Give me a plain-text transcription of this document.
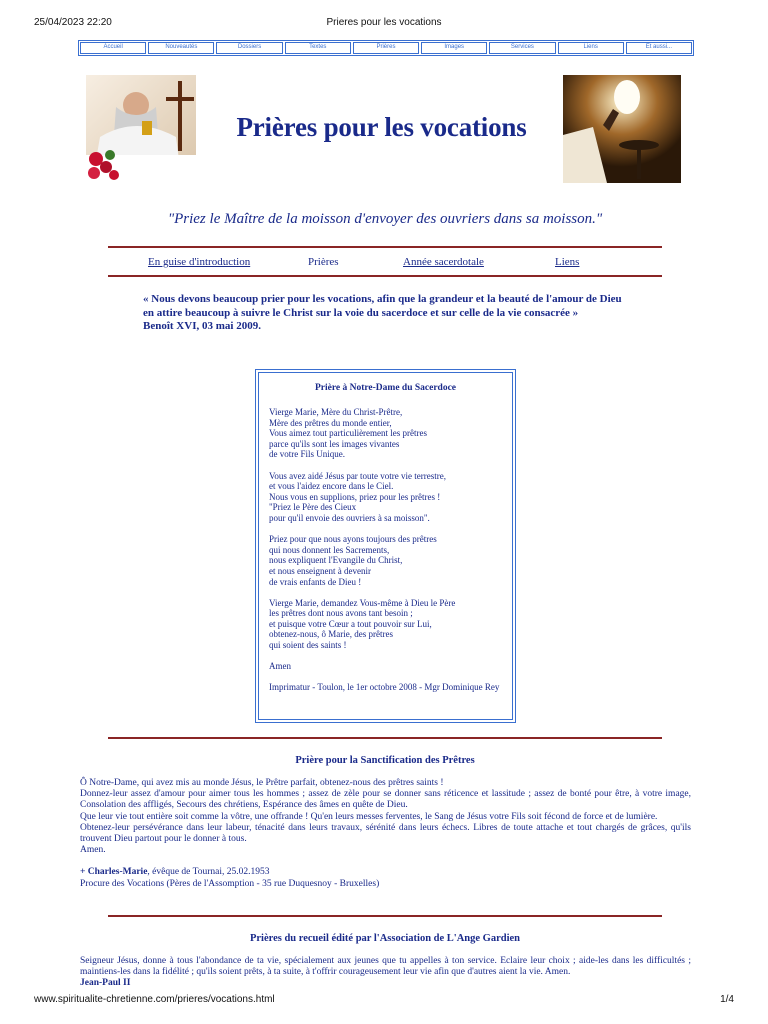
25/04/2023 22:20	Prieres pour les vocations
Accueil	Nouveautés	Dossiers	Textes	Prières	Images	Services	Liens	Et aussi...
Prières pour les vocations
"Priez le Maître de la moisson d'envoyer des ouvriers dans sa moisson."
En guise d'introduction	Prières	Année sacerdotale	Liens

« Nous devons beaucoup prier pour les vocations, afin que la grandeur et la beauté de l'amour de Dieu en attire beaucoup à suivre le Christ sur la voie du sacerdoce et sur celle de la vie consacrée »

Benoît XVI, 03 mai 2009.

Prière à Notre-Dame du Sacerdoce

Vierge Marie, Mère du Christ-Prêtre,
Mère des prêtres du monde entier,
Vous aimez tout particulièrement les prêtres
parce qu'ils sont les images vivantes
de votre Fils Unique.

Vous avez aidé Jésus par toute votre vie terrestre,
et vous l'aidez encore dans le Ciel.
Nous vous en supplions, priez pour les prêtres !
"Priez le Père des Cieux
pour qu'il envoie des ouvriers à sa moisson".

Priez pour que nous ayons toujours des prêtres
qui nous donnent les Sacrements,
nous expliquent l'Evangile du Christ,
et nous enseignent à devenir
de vrais enfants de Dieu !

Vierge Marie, demandez Vous-même à Dieu le Père
les prêtres dont nous avons tant besoin ;
et puisque votre Cœur a tout pouvoir sur Lui,
obtenez-nous, ô Marie, des prêtres
qui soient des saints !

Amen

Imprimatur - Toulon, le 1er octobre 2008 - Mgr Dominique Rey

Prière pour la Sanctification des Prêtres

Ô Notre-Dame, qui avez mis au monde Jésus, le Prêtre parfait, obtenez-nous des prêtres saints !

Donnez-leur assez d'amour pour aimer tous les hommes ; assez de zèle pour se donner sans réticence et lassitude ; assez de bonté pour être, à votre image, Consolation des affligés, Secours des chrétiens, Espérance des âmes en quête de Dieu.

Que leur vie tout entière soit comme la vôtre, une offrande ! Qu'en leurs messes ferventes, le Sang de Jésus votre Fils soit fécond de force et de lumière.

Obtenez-leur persévérance dans leur labeur, ténacité dans leurs travaux, sérénité dans leurs échecs. Libres de toute attache et tout chargés de grâces, qu'ils trouvent Dieu partout pour le donner à tous.

Amen.

+ Charles-Marie, évêque de Tournai, 25.02.1953

Procure des Vocations (Pères de l'Assomption - 35 rue Duquesnoy - Bruxelles)

Prières du recueil édité par l'Association de L'Ange Gardien

Seigneur Jésus, donne à tous l'abondance de ta vie, spécialement aux jeunes que tu appelles à ton service. Eclaire leur choix ; aide-les dans les difficultés ; maintiens-les dans la fidélité ; qu'ils soient prêts, à ta suite, à t'offrir courageusement leur vie afin que d'autres aient la vie. Amen.

Jean-Paul II

www.spiritualite-chretienne.com/prieres/vocations.html	1/4
